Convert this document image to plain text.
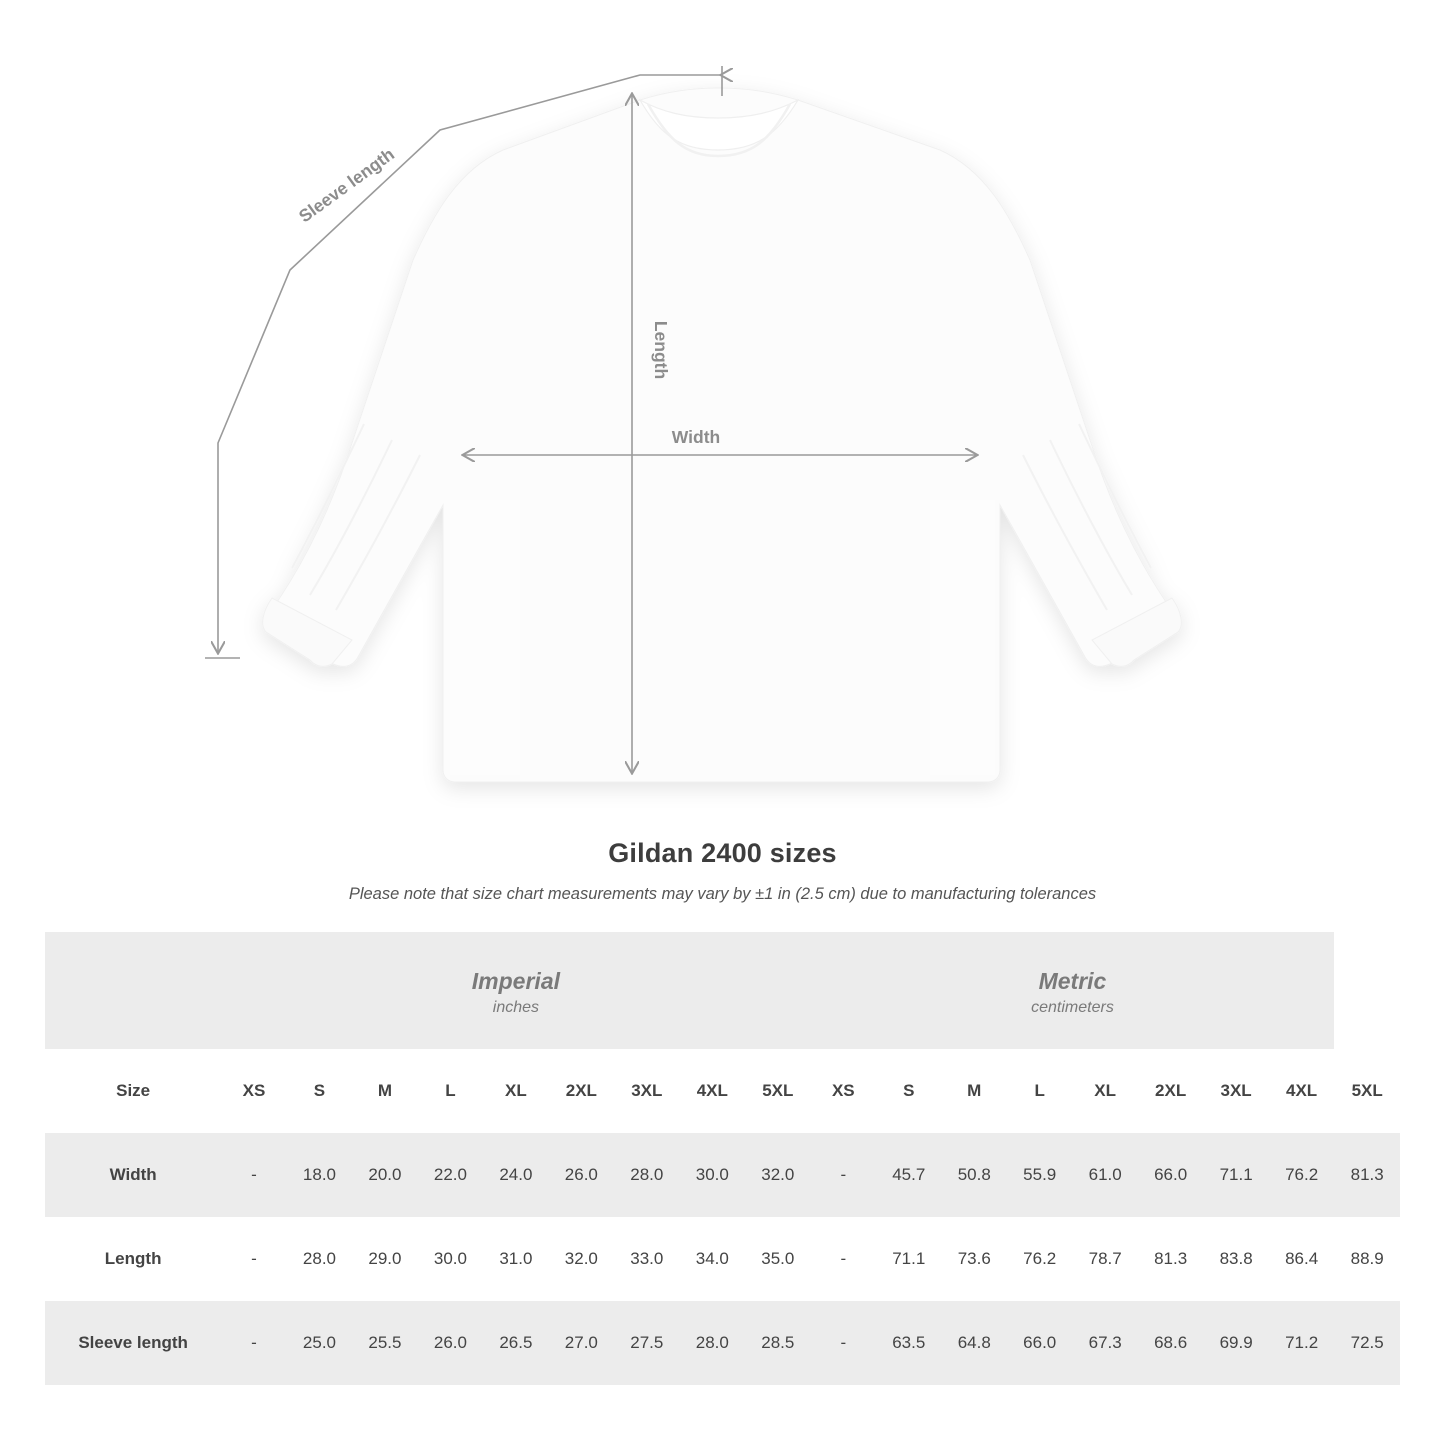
Sleeve length
Length
Width
Gildan 2400 sizes
Please note that size chart measurements may vary by ±1 in (2.5 cm) due to manufacturing tolerances

Imperial
inches

Metric
centimeters

Size	XS	S	M	L	XL	2XL	3XL	4XL	5XL	XS	S	M	L	XL	2XL	3XL	4XL	5XL
Width	-	18.0	20.0	22.0	24.0	26.0	28.0	30.0	32.0	-	45.7	50.8	55.9	61.0	66.0	71.1	76.2	81.3
Length	-	28.0	29.0	30.0	31.0	32.0	33.0	34.0	35.0	-	71.1	73.6	76.2	78.7	81.3	83.8	86.4	88.9
Sleeve length	-	25.0	25.5	26.0	26.5	27.0	27.5	28.0	28.5	-	63.5	64.8	66.0	67.3	68.6	69.9	71.2	72.5
